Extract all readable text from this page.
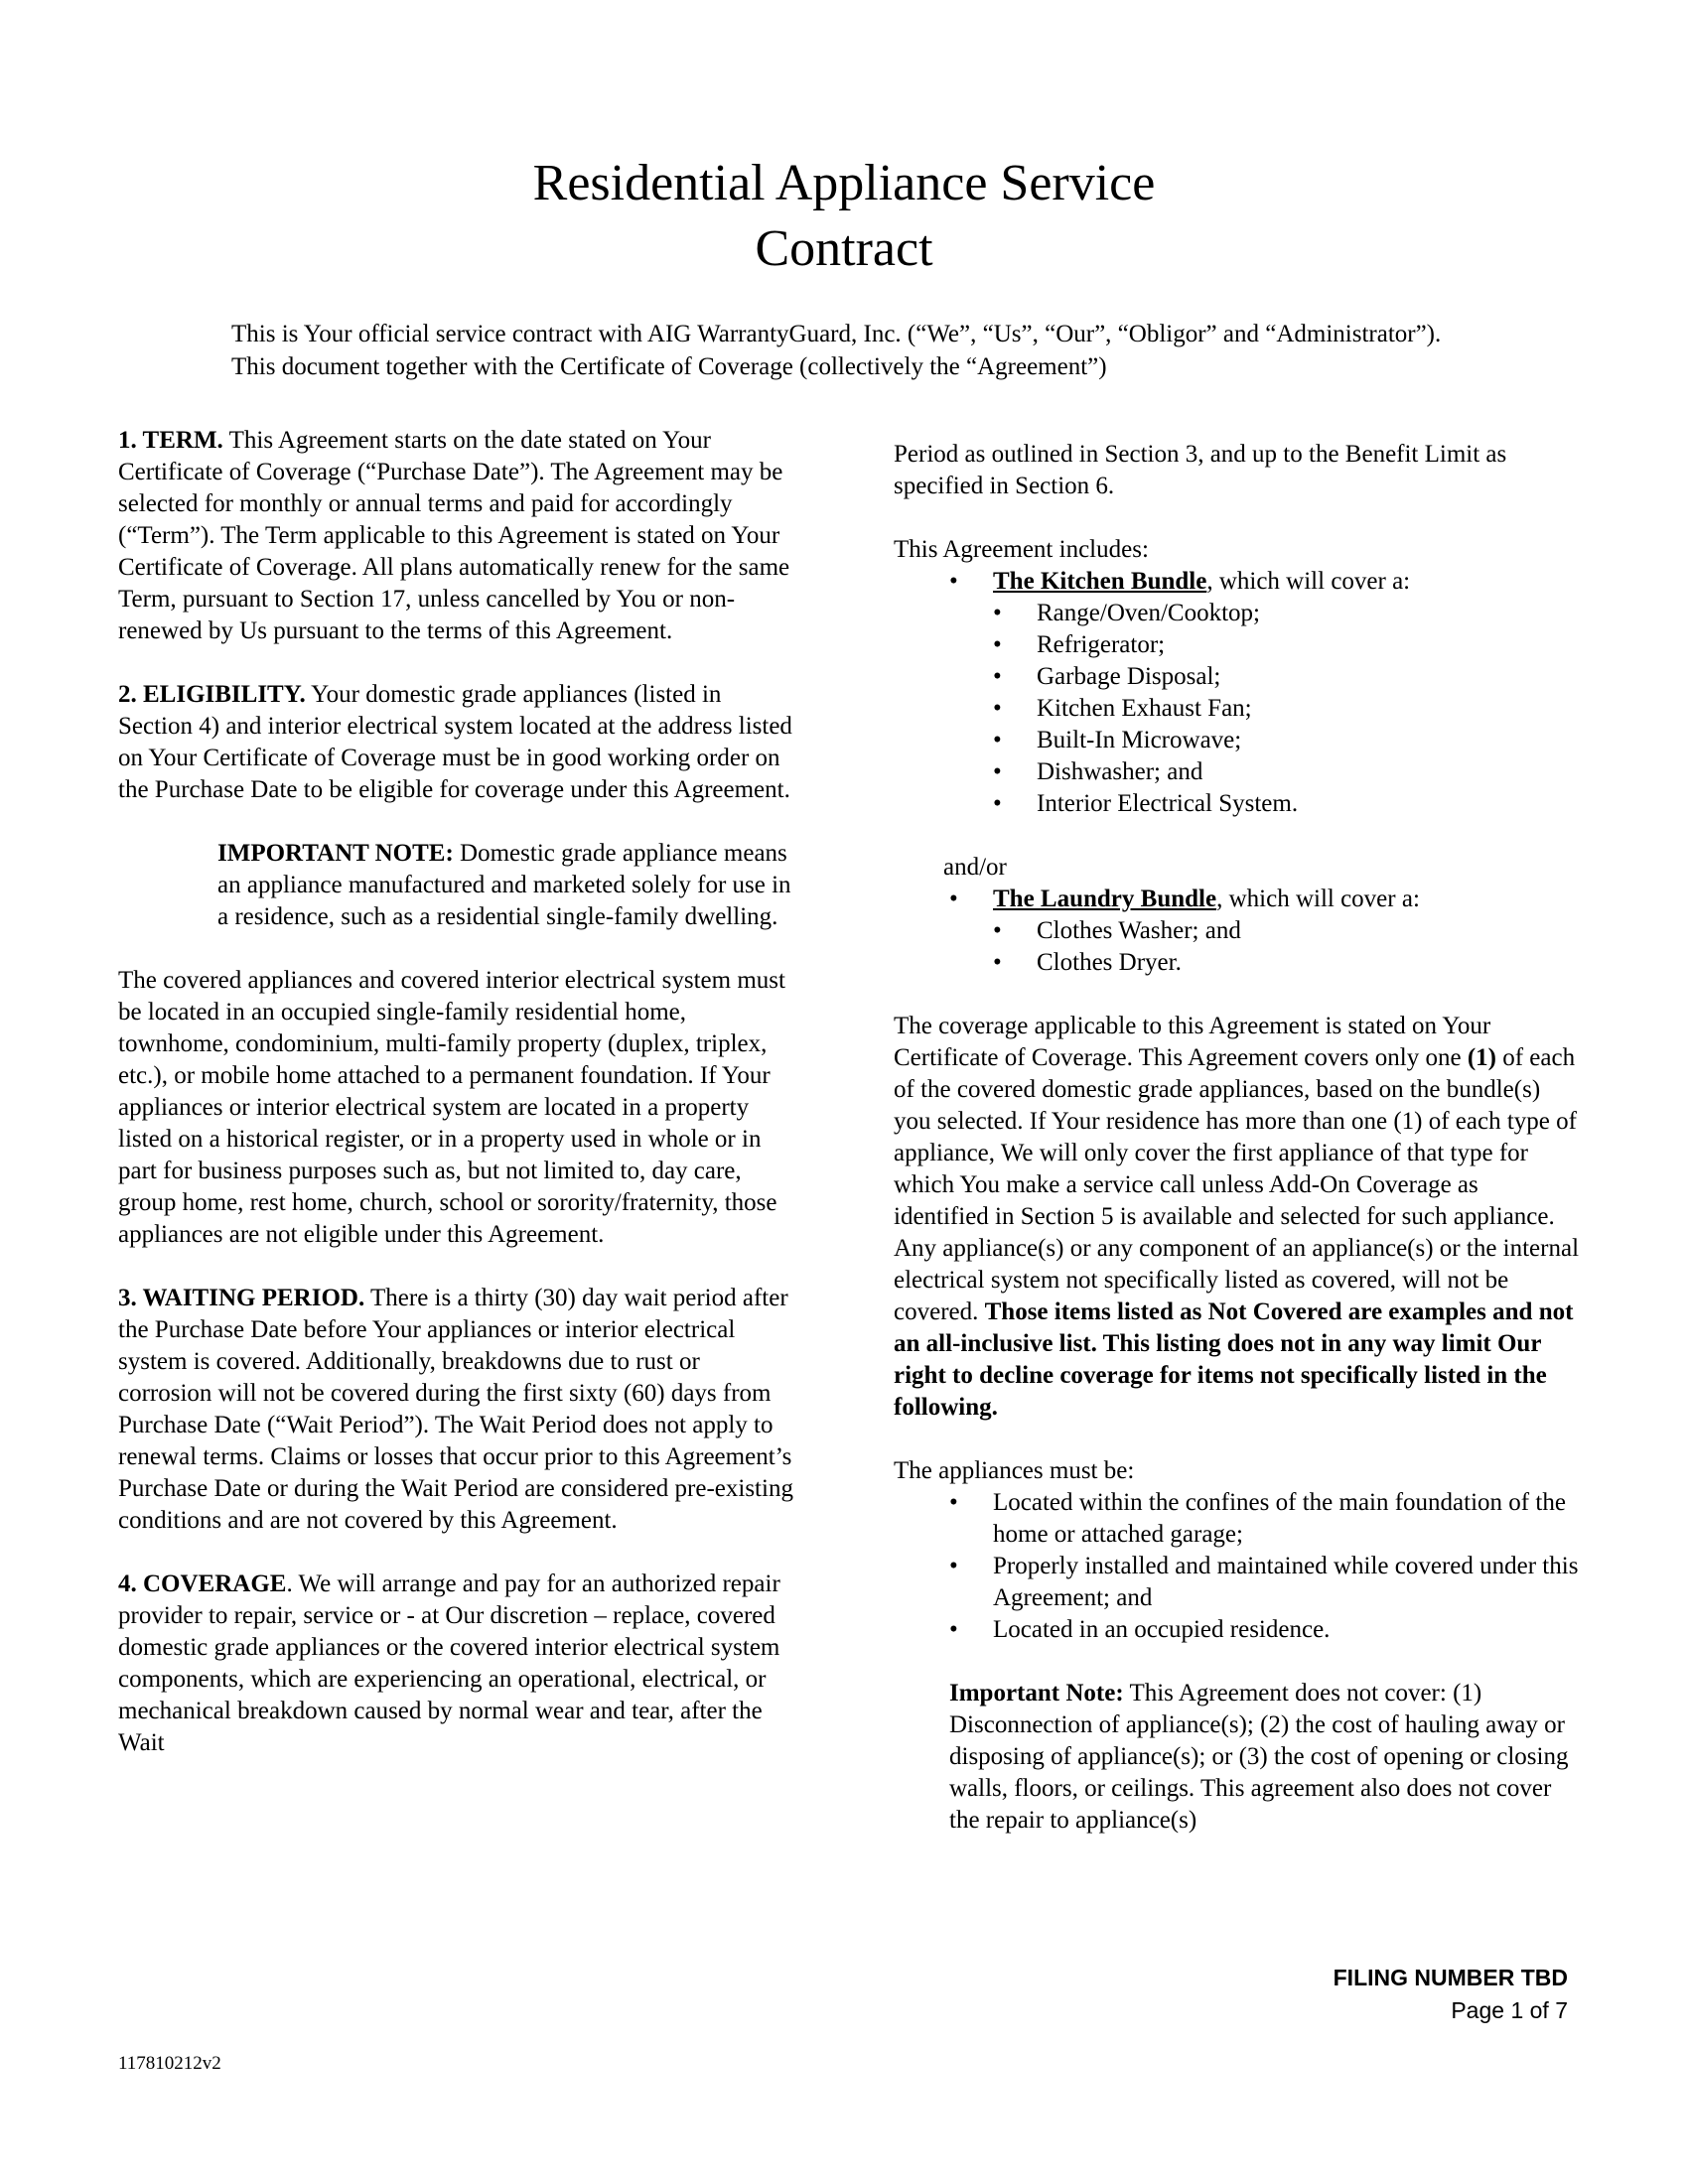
Residential Appliance Service
Contract

This is Your official service contract with AIG WarrantyGuard, Inc. (“We”, “Us”, “Our”, “Obligor” and “Administrator”). This document together with the Certificate of Coverage (collectively the “Agreement”)

1. TERM. This Agreement starts on the date stated on Your Certificate of Coverage (“Purchase Date”). The Agreement may be selected for monthly or annual terms and paid for accordingly (“Term”). The Term applicable to this Agreement is stated on Your Certificate of Coverage. All plans automatically renew for the same Term, pursuant to Section 17, unless cancelled by You or non-renewed by Us pursuant to the terms of this Agreement.

2. ELIGIBILITY. Your domestic grade appliances (listed in Section 4) and interior electrical system located at the address listed on Your Certificate of Coverage must be in good working order on the Purchase Date to be eligible for coverage under this Agreement.

IMPORTANT NOTE: Domestic grade appliance means an appliance manufactured and marketed solely for use in a residence, such as a residential single-family dwelling.

The covered appliances and covered interior electrical system must be located in an occupied single-family residential home, townhome, condominium, multi-family property (duplex, triplex, etc.), or mobile home attached to a permanent foundation. If Your appliances or interior electrical system are located in a property listed on a historical register, or in a property used in whole or in part for business purposes such as, but not limited to, day care, group home, rest home, church, school or sorority/fraternity, those appliances are not eligible under this Agreement.

3. WAITING PERIOD. There is a thirty (30) day wait period after the Purchase Date before Your appliances or interior electrical system is covered. Additionally, breakdowns due to rust or corrosion will not be covered during the first sixty (60) days from Purchase Date (“Wait Period”). The Wait Period does not apply to renewal terms. Claims or losses that occur prior to this Agreement’s Purchase Date or during the Wait Period are considered pre-existing conditions and are not covered by this Agreement.

4. COVERAGE. We will arrange and pay for an authorized repair provider to repair, service or - at Our discretion – replace, covered domestic grade appliances or the covered interior electrical system components, which are experiencing an operational, electrical, or mechanical breakdown caused by normal wear and tear, after the Wait

Period as outlined in Section 3, and up to the Benefit Limit as specified in Section 6.

This Agreement includes:

• The Kitchen Bundle, which will cover a:
• Range/Oven/Cooktop;
• Refrigerator;
• Garbage Disposal;
• Kitchen Exhaust Fan;
• Built-In Microwave;
• Dishwasher; and
• Interior Electrical System.

and/or

• The Laundry Bundle, which will cover a:
• Clothes Washer; and
• Clothes Dryer.

The coverage applicable to this Agreement is stated on Your Certificate of Coverage. This Agreement covers only one (1) of each of the covered domestic grade appliances, based on the bundle(s) you selected. If Your residence has more than one (1) of each type of appliance, We will only cover the first appliance of that type for which You make a service call unless Add-On Coverage as identified in Section 5 is available and selected for such appliance. Any appliance(s) or any component of an appliance(s) or the internal electrical system not specifically listed as covered, will not be covered. Those items listed as Not Covered are examples and not an all-inclusive list. This listing does not in any way limit Our right to decline coverage for items not specifically listed in the following.

The appliances must be:

• Located within the confines of the main foundation of the home or attached garage;
• Properly installed and maintained while covered under this Agreement; and
• Located in an occupied residence.

Important Note: This Agreement does not cover: (1) Disconnection of appliance(s); (2) the cost of hauling away or disposing of appliance(s); or (3) the cost of opening or closing walls, floors, or ceilings. This agreement also does not cover the repair to appliance(s)

FILING NUMBER TBD
Page 1 of 7
117810212v2
